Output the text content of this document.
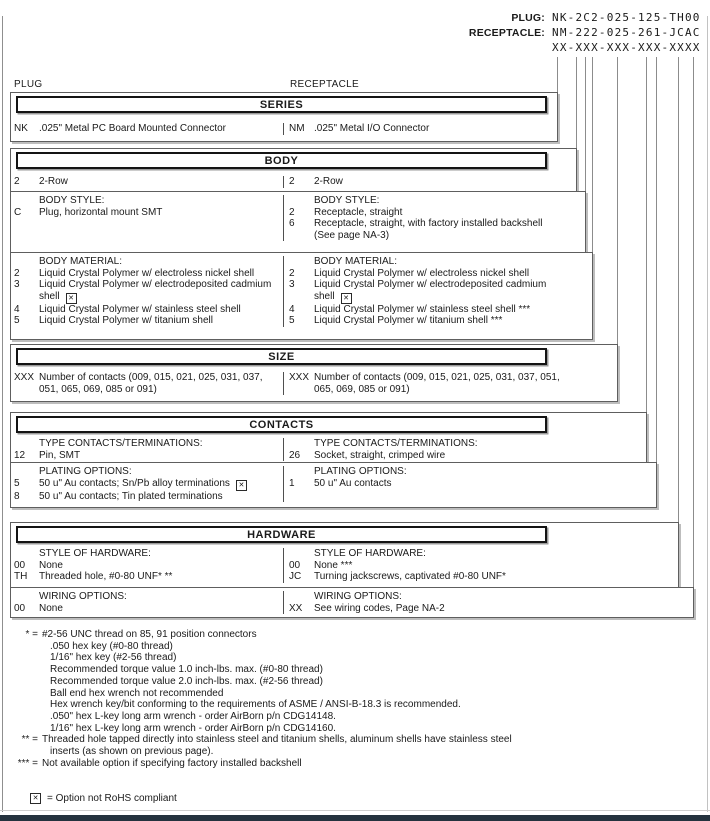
PLUG: NK-2C2-025-125-TH00
RECEPTACLE: NM-222-025-261-JCAC
XX-XXX-XXX-XXX-XXXX
PLUG	RECEPTACLE
SERIES
NK	.025" Metal PC Board Mounted Connector	NM .025" Metal I/O Connector
BODY
2	2-Row	2	2-Row
BODY STYLE:
C	Plug, horizontal mount SMT
BODY STYLE:
2	Receptacle, straight
6	Receptacle, straight, with factory installed backshell (See page NA-3)
BODY MATERIAL:
2	Liquid Crystal Polymer w/ electroless nickel shell
3	Liquid Crystal Polymer w/ electrodeposited cadmium shell ✕
4	Liquid Crystal Polymer w/ stainless steel shell
5	Liquid Crystal Polymer w/ titanium shell
BODY MATERIAL:
2	Liquid Crystal Polymer w/ electroless nickel shell
3	Liquid Crystal Polymer w/ electrodeposited cadmium shell ✕
4	Liquid Crystal Polymer w/ stainless steel shell ***
5	Liquid Crystal Polymer w/ titanium shell ***
SIZE
XXX Number of contacts (009, 015, 021, 025, 031, 037, 051, 065, 069, 085 or 091)
XXX Number of contacts (009, 015, 021, 025, 031, 037, 051, 065, 069, 085 or 091)
CONTACTS
TYPE CONTACTS/TERMINATIONS:
12	Pin, SMT
TYPE CONTACTS/TERMINATIONS:
26	Socket, straight, crimped wire
PLATING OPTIONS:
5	50 u" Au contacts; Sn/Pb alloy terminations ✕
8	50 u" Au contacts; Tin plated terminations
PLATING OPTIONS:
1	50 u" Au contacts
HARDWARE
STYLE OF HARDWARE:
00	None
TH	Threaded hole, #0-80 UNF* **
STYLE OF HARDWARE:
00	None ***
JC	Turning jackscrews, captivated #0-80 UNF*
WIRING OPTIONS:
00	None
WIRING OPTIONS:
XX	See wiring codes, Page NA-2
* = #2-56 UNC thread on 85, 91 position connectors
.050 hex key (#0-80 thread)
1/16" hex key (#2-56 thread)
Recommended torque value 1.0 inch-lbs. max. (#0-80 thread)
Recommended torque value 2.0 inch-lbs. max. (#2-56 thread)
Ball end hex wrench not recommended
Hex wrench key/bit conforming to the requirements of ASME / ANSI-B-18.3 is recommended.
.050" hex L-key long arm wrench - order AirBorn p/n CDG14148.
1/16" hex L-key long arm wrench - order AirBorn p/n CDG14160.
** = Threaded hole tapped directly into stainless steel and titanium shells, aluminum shells have stainless steel
inserts (as shown on previous page).
*** = Not available option if specifying factory installed backshell
✕ = Option not RoHS compliant
